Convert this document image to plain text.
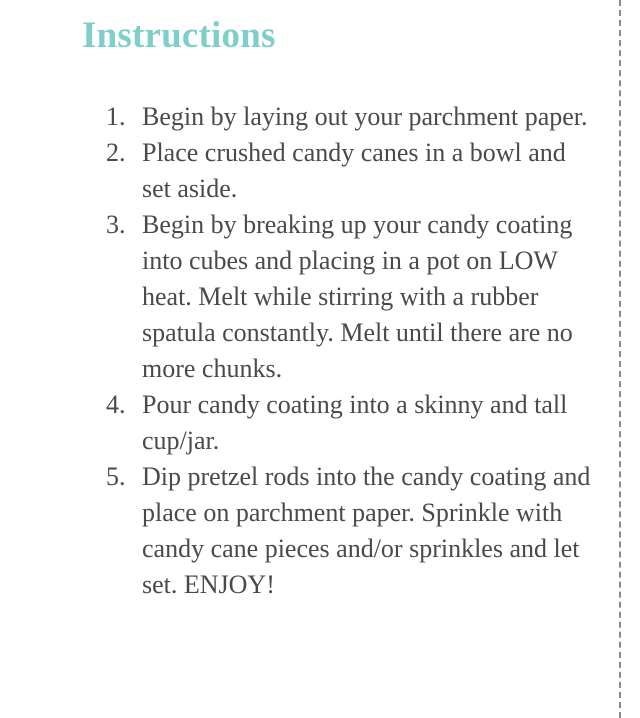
Instructions
1. Begin by laying out your parchment paper.
2. Place crushed candy canes in a bowl and set aside.
3. Begin by breaking up your candy coating into cubes and placing in a pot on LOW heat. Melt while stirring with a rubber spatula constantly. Melt until there are no more chunks.
4. Pour candy coating into a skinny and tall cup/jar.
5. Dip pretzel rods into the candy coating and place on parchment paper. Sprinkle with candy cane pieces and/or sprinkles and let set. ENJOY!
